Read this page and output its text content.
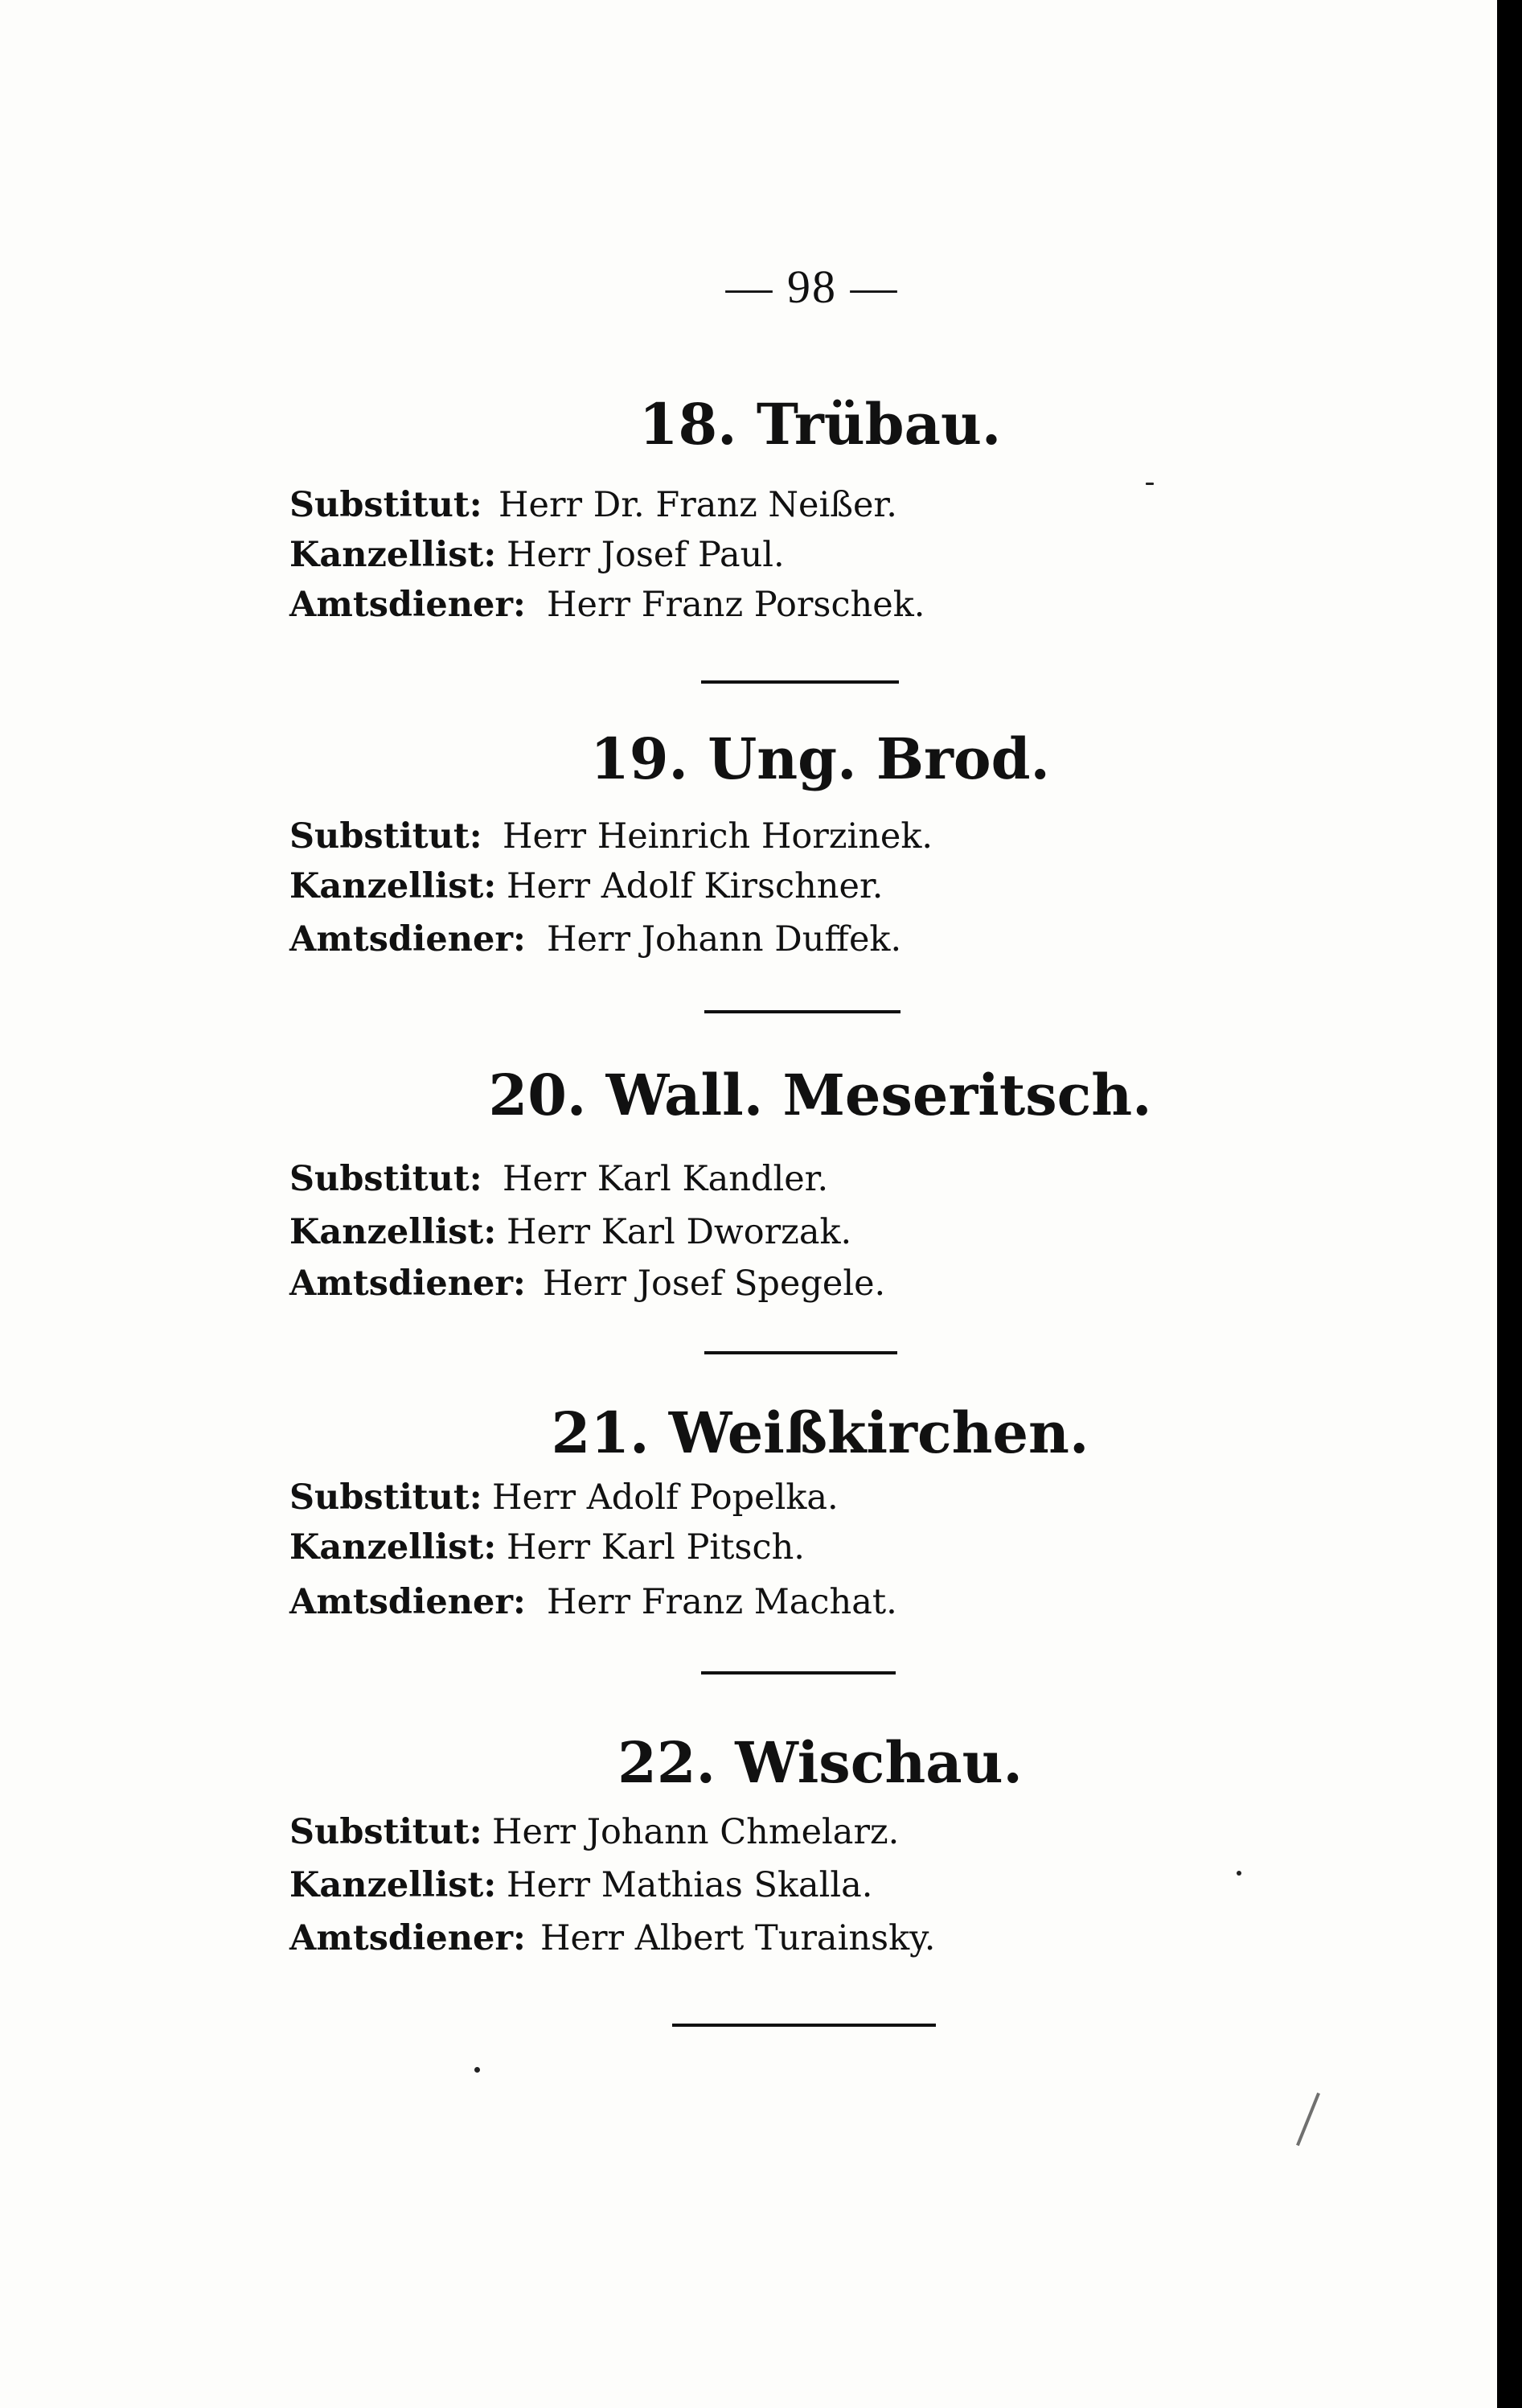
— 98 —
18. Trübau.
Substitut: Herr Dr. Franz Neißer.
Kanzellist: Herr Josef Paul.
Amtsdiener: Herr Franz Porschek.
19. Ung. Brod.
Substitut: Herr Heinrich Horzinek.
Kanzellist: Herr Adolf Kirschner.
Amtsdiener: Herr Johann Duffek.
20. Wall. Meseritsch.
Substitut: Herr Karl Kandler.
Kanzellist: Herr Karl Dworzak.
Amtsdiener: Herr Josef Spegele.
21. Weißkirchen.
Substitut: Herr Adolf Popelka.
Kanzellist: Herr Karl Pitsch.
Amtsdiener: Herr Franz Machat.
22. Wischau.
Substitut: Herr Johann Chmelarz.
Kanzellist: Herr Mathias Skalla.
Amtsdiener: Herr Albert Turainsky.
